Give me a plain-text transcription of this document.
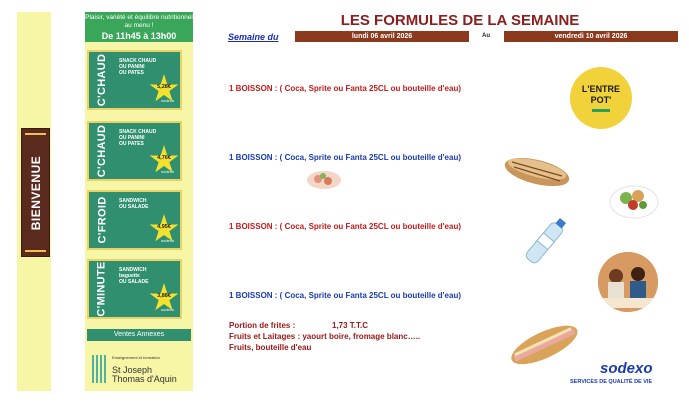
BIENVENUE
Plaisir, variété et équilibre nutritionnel au menu !
De 11h45 à 13h00
C'CHAUD SNACK CHAUD
OU PANINI
OU PATES
5,28€
sodexo
C'CHAUD SNACK CHAUD
OU PANINI
OU PATES
4,76€
sodexo
C'FROID SANDWICH
OU SALADE
4,95€
sodexo
C'MINUTE SANDWICH
baguette
OU SALADE
3,88€
sodexo
Ventes Annexes
Enseignement et formation
St Joseph
Thomas d'Aquin
LES FORMULES DE LA SEMAINE
Semaine du	lundi 06 avril 2026	Au	vendredi 10 avril 2026
1 BOISSON : ( Coca, Sprite ou Fanta 25CL ou bouteille d'eau)
1 BOISSON : ( Coca, Sprite ou Fanta 25CL ou bouteille d'eau)
1 BOISSON : ( Coca, Sprite ou Fanta 25CL ou bouteille d'eau)
1 BOISSON : ( Coca, Sprite ou Fanta 25CL ou bouteille d'eau)
Portion de frites :	1,73 T.T.C
Fruits et Laitages : yaourt boire, fromage blanc…..
Fruits, bouteille d'eau
L'ENTRE
POT'
sodexo
SERVICES DE QUALITÉ DE VIE
